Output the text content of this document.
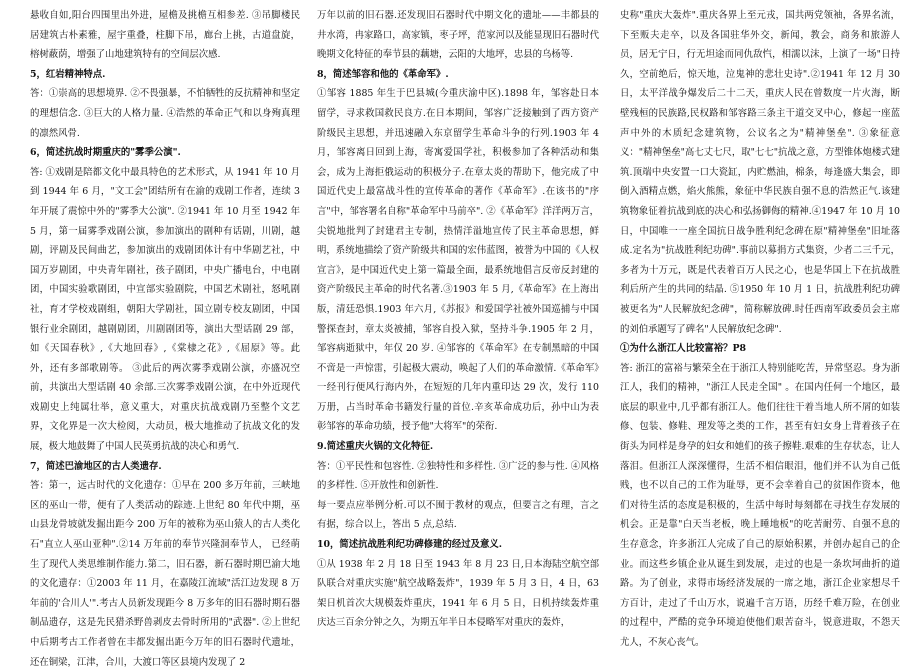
悬收自如,阳台四围里出外进，屋檐及挑檐互相参差. ③吊脚楼民居建筑古朴素雅，屋宇重叠，柱脚下吊，廊台上挑，古道盘旋，榕树蔽荫，增强了山地建筑特有的空间层次感.

5，红岩精神特点.

答：①崇高的思想境界. ②不畏强暴，不怕牺牲的反抗精神和坚定的理想信念. ③巨大的人格力量. ④浩然的革命正气和以身殉真理的凛然风骨.

6，简述抗战时期重庆的"雾季公演".

答: ①戏剧是陪都文化中最具特色的艺术形式，从 1941 年 10 月到 1944 年 6 月，"文工会"团结所有在渝的戏剧工作者，连续 3 年开展了震惊中外的"雾季大公演". ②1941 年 10 月至 1942 年 5 月，第一届雾季戏剧公演，参加演出的剧种有话剧，川剧，越剧，评剧及民间曲艺，参加演出的戏剧团体计有中华剧艺社，中国万岁剧团，中央青年剧社，孩子剧团，中央广播电台，中电剧团，中国实验歌剧团，中宣部实验剧院，中国艺术剧社，怒吼剧社，育才学校戏剧组，朝阳大学剧社，国立剧专校友剧团，中国银行业余剧团，越剧剧团，川剧剧团等，演出大型话剧 29 部，如《天国春秋》,《大地回春》,《棠棣之花》,《屈原》等。此外，还有多部歌剧等。 ③此后的两次雾季戏剧公演，亦盛况空前，共演出大型话剧 40 余部.三次雾季戏剧公演，在中外近现代戏剧史上纯属壮举，意义重大，对重庆抗战戏剧乃至整个文艺界，文化界是一次大检阅，大动员，极大地推动了抗战文化的发展，极大地鼓舞了中国人民英勇抗战的决心和勇气.

7，简述巴渝地区的古人类遗存.

答：第一，远古时代的文化遗存：①早在 200 多万年前，三峡地区的巫山一带，便有了人类活动的踪迹.上世纪 80 年代中期，巫山县龙骨坡就发掘出距今 200 万年的被称为巫山猿人的古人类化石"直立人巫山亚种".②14 万年前的奉节兴隆洞奉节人， 已经萌生了现代人类思维制作能力.第二，旧石器，新石器时期巴渝大地的文化遗存：①2003 年 11 月，在嘉陵江流域"活江边发现 8 万年前的'合川人'".考古人员新发现距今 8 万多年的旧石器时期石器制品遗存，这是先民猎杀野兽剥皮去骨时所用的"武器". ②上世纪中后期考古工作者曾在丰都发掘出距今万年的旧石器时代遗址，还在铜梁，江津，合川，大渡口等区县境内发现了 2

万年以前的旧石器.还发现旧石器时代中期文化的遗址——丰都县的井水湾，冉家路口，高家镇，枣子坪，范家河以及能显现旧石器时代晚期文化特征的奉节县的藕塘，云阳的大地坪，忠县的乌杨等.

8，简述邹容和他的《革命军》.

①邹容 1885 年生于巴县城(今重庆渝中区).1898 年，邹容赴日本留学，寻求救国救民良方.在日本期间，邹容广泛接触到了西方资产阶级民主思想，并迅速融入东京留学生革命斗争的行列.1903 年 4 月，邹容离日回到上海，寄寓爱国学社，积极参加了各种活动和集会，成为上海拒俄运动的积极分子.在章太炎的帮助下，他完成了中国近代史上最富战斗性的宣传革命的著作《革命军》.在该书的"序言"中，邹容署名自称"革命军中马前卒". ②《革命军》洋洋两万言，尖锐地批判了封建君主专制，热情洋溢地宣传了民主革命思想，鲜明，系统地描绘了资产阶级共和国的宏伟蓝图，被誉为中国的《人权宣言》，是中国近代史上第一篇最全面，最系统地倡言反帝反封建的资产阶级民主革命的时代名著.③1903 年 5 月,《革命军》在上海出版，清廷恐惧.1903 年六月,《苏报》和爱国学社被外国巡捕与中国警探查封，章太炎被捕，邹容自投入狱，坚持斗争.1905 年 2 月，邹容病逝狱中，年仅 20 岁. ④邹容的《革命军》在专制黑暗的中国不啻是一声惊雷，引起极大震动，唤起了人们的革命激情.《革命军》一经刊行便风行海内外，在短短的几年内重印达 29 次，发行 110 万册，占当时革命书籍发行量的首位.辛亥革命成功后，孙中山为表彰邹容的革命功绩，授予他"大将军"的荣衔.

9.简述重庆火锅的文化特征.

答：①平民性和包容性. ②独特性和多样性. ③广泛的参与性. ④风格的多样性. ⑤开放性和创新性.

每一要点应举例分析.可以不囿于教材的观点，但要言之有理，言之有据，综合以上，答出 5 点,总结.

10，简述抗战胜利纪功碑修建的经过及意义.

①从 1938 年 2 月 18 日至 1943 年 8 月 23 日,日本海陆空航空部队联合对重庆实施"航空战略轰炸"，1939 年 5 月 3 日，4 日，63 架日机首次大规模轰炸重庆，1941 年 6 月 5 日，日机持续轰炸重庆达三百余分钟之久，为期五年半日本侵略军对重庆的轰炸，

史称"重庆大轰炸".重庆各界上至元戎，国共两党领袖，各界名流，下至贩夫走卒，以及各国驻华外交，新闻，教会，商务和旅游人员，居无宁日，行无坦途而同仇敌忾，相濡以沫，上演了一场"日持久，空前绝后，惊天地，泣鬼神的悲壮史诗".②1941 年 12 月 30 日，太平洋战争爆发后二十二天，重庆人民在曾数度一片火海，断壁残桓的民族路,民权路和邹容路三条主干道交叉中心，修起一座蓝声中外的木质纪念建筑物，公议名之为"精神堡垒". ③象征意义："精神堡垒"高七丈七尺，取"七七"抗战之意，方型锥体炮楼式建筑.顶端中央安置一口大瓷缸，内贮燃油，棉条，每逢盛大集会，即倒入酒精点燃，焰火熊熊，象征中华民族自强不息的浩然正气.该建筑物象征着抗战到底的决心和弘扬御侮的精神.④1947 年 10 月 10 日，中国唯一一座全国抗日战争胜利纪念碑在原"精神堡垒"旧址落成.定名为"抗战胜利纪功碑".事前以募捐方式集资，少者二三千元，多者为十万元，既是代表着百万人民之心，也是华国上下在抗战胜利后所产生的共同的结晶. ⑤1950 年 10 月 1 日，抗战胜利纪功碑被更名为"人民解放纪念碑"，简称解放碑.时任西南军政委员会主席的刘伯承题写了碑名"人民解放纪念碑".

①为什么浙江人比较富裕？P8

答: 浙江的富裕与繁荣全在于浙江人特别能吃苦，异常坚忍。身为浙江人，我们的精神，"浙江人民走全国" 。在国内任何一个地区，最底层的职业中,几乎都有浙江人。他们往往干着当地人所不屑的如装修、包装、修鞋、理发等之类的工作，甚至有妇女身上背着孩子在街头为同样是身孕的妇女和她们的孩子擦鞋.艰难的生存状态，让人落泪。但浙江人深深懂得，生活不相信眼泪，他们并不认为自己低贱，也不以自己的工作为耻辱，更不会幸着自己的贫困作资本，他们对待生活的态度是积极的，生活中每时每刻都在寻找生存发展的机会。正是靠"白天当老板，晚上睡地板"的吃苦耐劳、自强不息的生存意念，许多浙江人完成了自己的原始积累，并创办起自己的企业。而这些乡镇企业从诞生到发展，走过的也是一条坎坷曲折的道路。为了创业，求得市场经济发展的一席之地，浙江企业家想尽千方百计，走过了千山万水，说遍千言万语，历经千难万险，在创业的过程中，严酷的竞争环境迫使他们艰苦奋斗，锐意进取，不怨天尤人，不灰心丧气。
